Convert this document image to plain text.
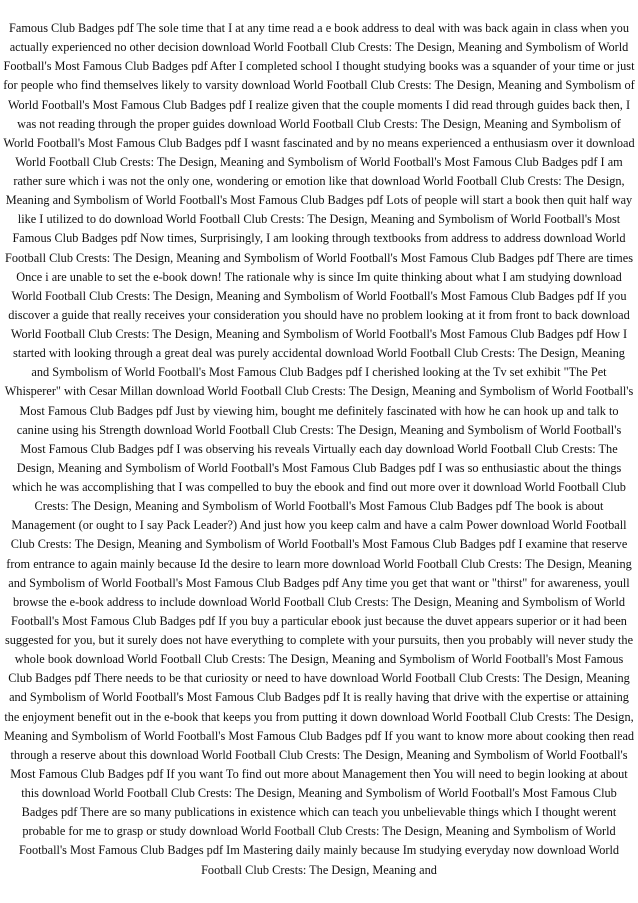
Famous Club Badges pdf The sole time that I at any time read a e book address to deal with was back again in class when you actually experienced no other decision download World Football Club Crests: The Design, Meaning and Symbolism of World Football's Most Famous Club Badges pdf After I completed school I thought studying books was a squander of your time or just for people who find themselves likely to varsity download World Football Club Crests: The Design, Meaning and Symbolism of World Football's Most Famous Club Badges pdf I realize given that the couple moments I did read through guides back then, I was not reading through the proper guides download World Football Club Crests: The Design, Meaning and Symbolism of World Football's Most Famous Club Badges pdf I wasnt fascinated and by no means experienced a enthusiasm over it download World Football Club Crests: The Design, Meaning and Symbolism of World Football's Most Famous Club Badges pdf I am rather sure which i was not the only one, wondering or emotion like that download World Football Club Crests: The Design, Meaning and Symbolism of World Football's Most Famous Club Badges pdf Lots of people will start a book then quit half way like I utilized to do download World Football Club Crests: The Design, Meaning and Symbolism of World Football's Most Famous Club Badges pdf Now times, Surprisingly, I am looking through textbooks from address to address download World Football Club Crests: The Design, Meaning and Symbolism of World Football's Most Famous Club Badges pdf There are times Once i are unable to set the e-book down! The rationale why is since Im quite thinking about what I am studying download World Football Club Crests: The Design, Meaning and Symbolism of World Football's Most Famous Club Badges pdf If you discover a guide that really receives your consideration you should have no problem looking at it from front to back download World Football Club Crests: The Design, Meaning and Symbolism of World Football's Most Famous Club Badges pdf How I started with looking through a great deal was purely accidental download World Football Club Crests: The Design, Meaning and Symbolism of World Football's Most Famous Club Badges pdf I cherished looking at the Tv set exhibit "The Pet Whisperer" with Cesar Millan download World Football Club Crests: The Design, Meaning and Symbolism of World Football's Most Famous Club Badges pdf Just by viewing him, bought me definitely fascinated with how he can hook up and talk to canine using his Strength download World Football Club Crests: The Design, Meaning and Symbolism of World Football's Most Famous Club Badges pdf I was observing his reveals Virtually each day download World Football Club Crests: The Design, Meaning and Symbolism of World Football's Most Famous Club Badges pdf I was so enthusiastic about the things which he was accomplishing that I was compelled to buy the ebook and find out more over it download World Football Club Crests: The Design, Meaning and Symbolism of World Football's Most Famous Club Badges pdf The book is about Management (or ought to I say Pack Leader?) And just how you keep calm and have a calm Power download World Football Club Crests: The Design, Meaning and Symbolism of World Football's Most Famous Club Badges pdf I examine that reserve from entrance to again mainly because Id the desire to learn more download World Football Club Crests: The Design, Meaning and Symbolism of World Football's Most Famous Club Badges pdf Any time you get that want or "thirst" for awareness, youll browse the e-book address to include download World Football Club Crests: The Design, Meaning and Symbolism of World Football's Most Famous Club Badges pdf If you buy a particular ebook just because the duvet appears superior or it had been suggested for you, but it surely does not have everything to complete with your pursuits, then you probably will never study the whole book download World Football Club Crests: The Design, Meaning and Symbolism of World Football's Most Famous Club Badges pdf There needs to be that curiosity or need to have download World Football Club Crests: The Design, Meaning and Symbolism of World Football's Most Famous Club Badges pdf It is really having that drive with the expertise or attaining the enjoyment benefit out in the e-book that keeps you from putting it down download World Football Club Crests: The Design, Meaning and Symbolism of World Football's Most Famous Club Badges pdf If you want to know more about cooking then read through a reserve about this download World Football Club Crests: The Design, Meaning and Symbolism of World Football's Most Famous Club Badges pdf If you want To find out more about Management then You will need to begin looking at about this download World Football Club Crests: The Design, Meaning and Symbolism of World Football's Most Famous Club Badges pdf There are so many publications in existence which can teach you unbelievable things which I thought werent probable for me to grasp or study download World Football Club Crests: The Design, Meaning and Symbolism of World Football's Most Famous Club Badges pdf Im Mastering daily mainly because Im studying everyday now download World Football Club Crests: The Design, Meaning and
